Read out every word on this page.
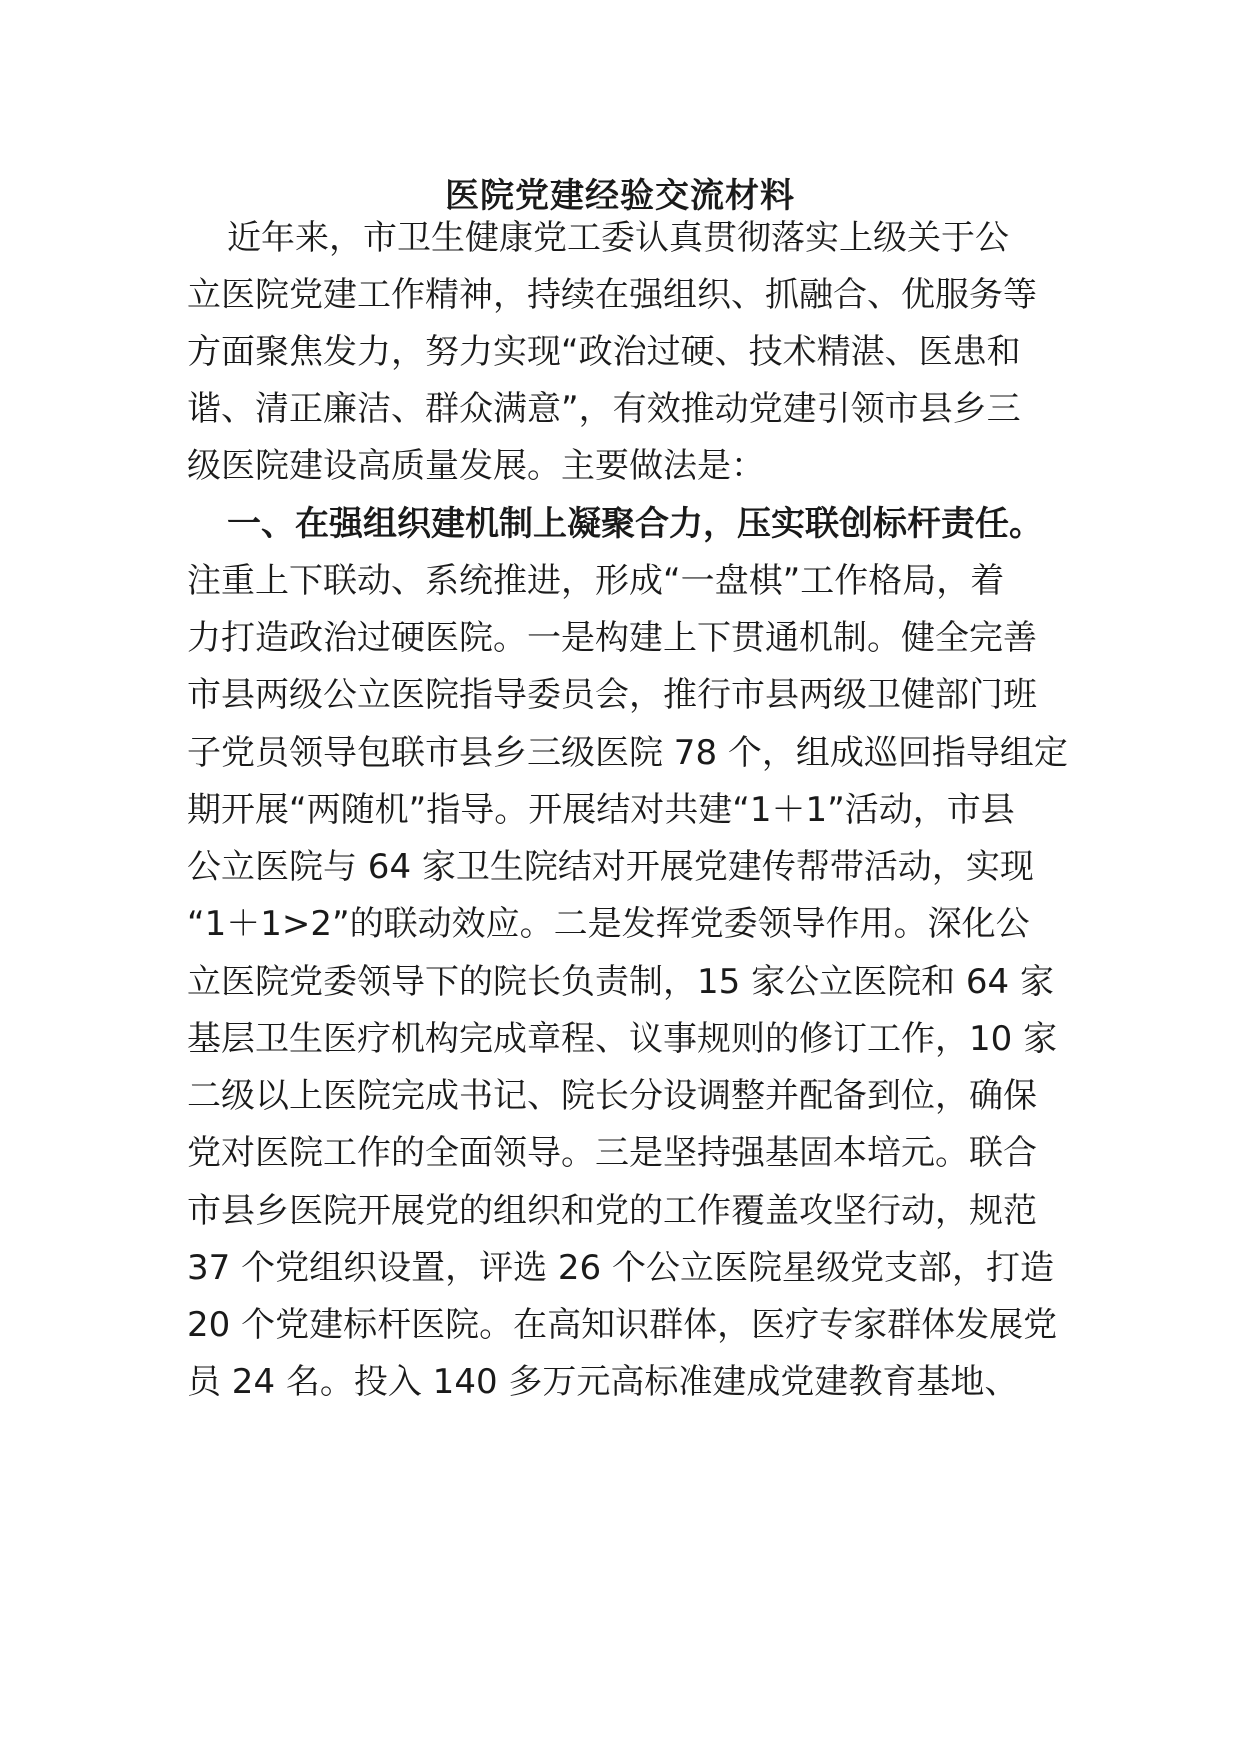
医院党建经验交流材料
近年来，市卫生健康党工委认真贯彻落实上级关于公
立医院党建工作精神，持续在强组织、抓融合、优服务等
方面聚焦发力，努力实现“政治过硬、技术精湛、医患和
谐、清正廉洁、群众满意”，有效推动党建引领市县乡三
级医院建设高质量发展。主要做法是：
一、在强组织建机制上凝聚合力，压实联创标杆责任。
注重上下联动、系统推进，形成“一盘棋”工作格局，着
力打造政治过硬医院。一是构建上下贯通机制。健全完善
市县两级公立医院指导委员会，推行市县两级卫健部门班
子党员领导包联市县乡三级医院 78 个，组成巡回指导组定
期开展“两随机”指导。开展结对共建“1＋1”活动，市县
公立医院与 64 家卫生院结对开展党建传帮带活动，实现
“1＋1>2”的联动效应。二是发挥党委领导作用。深化公
立医院党委领导下的院长负责制，15 家公立医院和 64 家
基层卫生医疗机构完成章程、议事规则的修订工作，10 家
二级以上医院完成书记、院长分设调整并配备到位，确保
党对医院工作的全面领导。三是坚持强基固本培元。联合
市县乡医院开展党的组织和党的工作覆盖攻坚行动，规范
37 个党组织设置，评选 26 个公立医院星级党支部，打造
20 个党建标杆医院。在高知识群体，医疗专家群体发展党
员 24 名。投入 140 多万元高标准建成党建教育基地、
